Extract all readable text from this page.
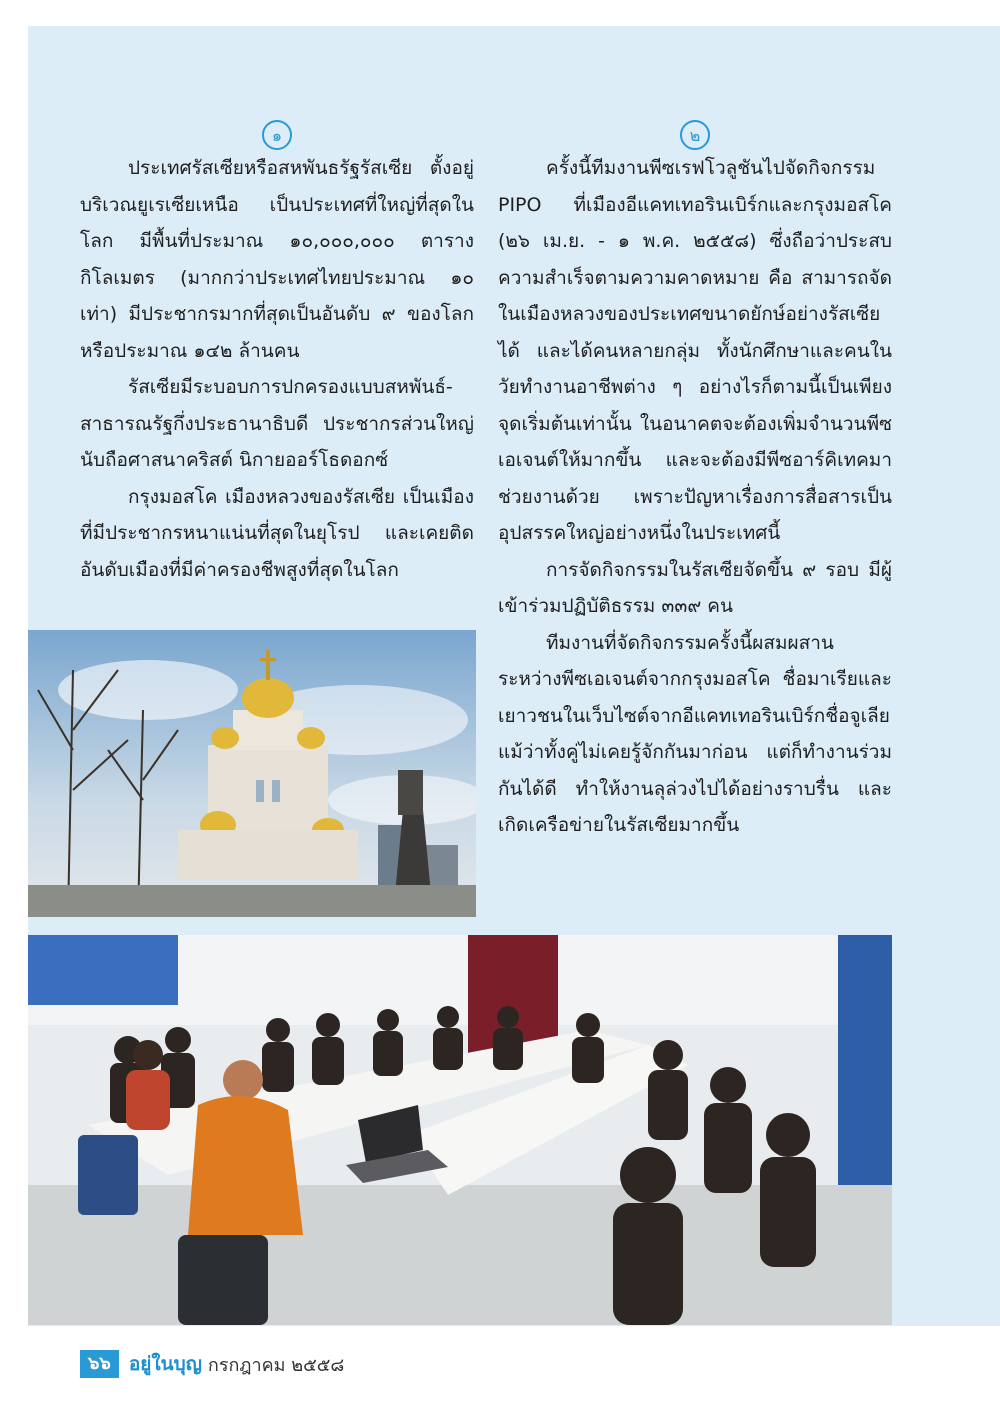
๑

ประเทศรัสเซียหรือสหพันธรัฐรัสเซีย ตั้งอยู่บริเวณยูเรเซียเหนือ เป็นประเทศที่ใหญ่ที่สุดในโลก มีพื้นที่ประมาณ ๑๐,๐๐๐,๐๐๐ ตารางกิโลเมตร (มากกว่าประเทศไทยประมาณ ๑๐ เท่า) มีประชากรมากที่สุดเป็นอันดับ ๙ ของโลก หรือประมาณ ๑๔๒ ล้านคน

รัสเซียมีระบอบการปกครองแบบสหพันธ์-สาธารณรัฐกึ่งประธานาธิบดี ประชากรส่วนใหญ่นับถือศาสนาคริสต์ นิกายออร์โธดอกซ์

กรุงมอสโค เมืองหลวงของรัสเซีย เป็นเมืองที่มีประชากรหนาแน่นที่สุดในยุโรป และเคยติดอันดับเมืองที่มีค่าครองชีพสูงที่สุดในโลก

๒

ครั้งนี้ทีมงานพีซเรฟโวลูชันไปจัดกิจกรรม PIPO ที่เมืองอีแคทเทอรินเบิร์กและกรุงมอสโค (๒๖ เม.ย. - ๑ พ.ค. ๒๕๕๘) ซึ่งถือว่าประสบความสำเร็จตามความคาดหมาย คือ สามารถจัดในเมืองหลวงของประเทศขนาดยักษ์อย่างรัสเซียได้ และได้คนหลายกลุ่ม ทั้งนักศึกษาและคนในวัยทำงานอาชีพต่าง ๆ อย่างไรก็ตามนี้เป็นเพียงจุดเริ่มต้นเท่านั้น ในอนาคตจะต้องเพิ่มจำนวนพีซเอเจนต์ให้มากขึ้น และจะต้องมีพีซอาร์คิเทคมาช่วยงานด้วย เพราะปัญหาเรื่องการสื่อสารเป็นอุปสรรคใหญ่อย่างหนึ่งในประเทศนี้

การจัดกิจกรรมในรัสเซียจัดขึ้น ๙ รอบ มีผู้เข้าร่วมปฏิบัติธรรม ๓๓๙ คน

ทีมงานที่จัดกิจกรรมครั้งนี้ผสมผสานระหว่างพีซเอเจนต์จากกรุงมอสโค ชื่อมาเรียและเยาวชนในเว็บไซต์จากอีแคทเทอรินเบิร์กชื่อจูเลีย แม้ว่าทั้งคู่ไม่เคยรู้จักกันมาก่อน แต่ก็ทำงานร่วมกันได้ดี ทำให้งานลุล่วงไปได้อย่างราบรื่น และเกิดเครือข่ายในรัสเซียมากขึ้น

๖๖ อยู่ในบุญ กรกฎาคม ๒๕๕๘
